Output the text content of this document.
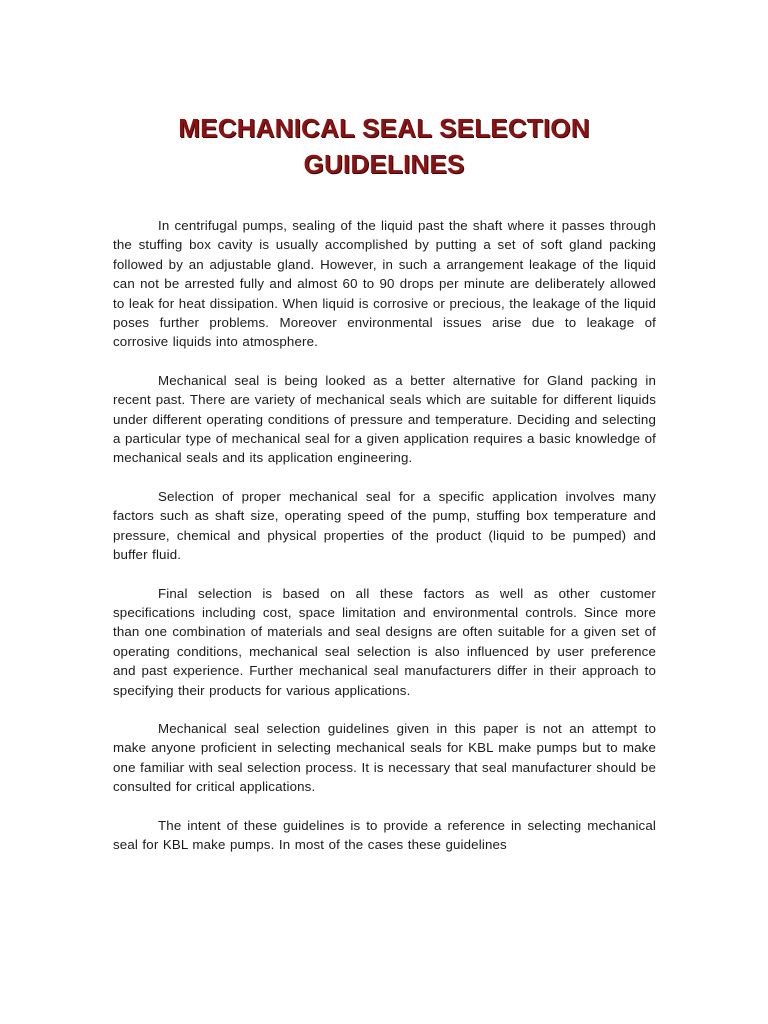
MECHANICAL SEAL SELECTION
GUIDELINES

In centrifugal pumps, sealing of the liquid past the shaft where it passes through the stuffing box cavity is usually accomplished by putting a set of soft gland packing followed by an adjustable gland. However, in such a arrangement leakage of the liquid can not be arrested fully and almost 60 to 90 drops per minute are deliberately allowed to leak for heat dissipation. When liquid is corrosive or precious, the leakage of the liquid poses further problems. Moreover environmental issues arise due to leakage of corrosive liquids into atmosphere.

Mechanical seal is being looked as a better alternative for Gland packing in recent past. There are variety of mechanical seals which are suitable for different liquids under different operating conditions of pressure and temperature. Deciding and selecting a particular type of mechanical seal for a given application requires a basic knowledge of mechanical seals and its application engineering.

Selection of proper mechanical seal for a specific application involves many factors such as shaft size, operating speed of the pump, stuffing box temperature and pressure, chemical and physical properties of the product (liquid to be pumped) and buffer fluid.

Final selection is based on all these factors as well as other customer specifications including cost, space limitation and environmental controls. Since more than one combination of materials and seal designs are often suitable for a given set of operating conditions, mechanical seal selection is also influenced by user preference and past experience. Further mechanical seal manufacturers differ in their approach to specifying their products for various applications.

Mechanical seal selection guidelines given in this paper is not an attempt to make anyone proficient in selecting mechanical seals for KBL make pumps but to make one familiar with seal selection process. It is necessary that seal manufacturer should be consulted for critical applications.

The intent of these guidelines is to provide a reference in selecting mechanical seal for KBL make pumps. In most of the cases these guidelines
